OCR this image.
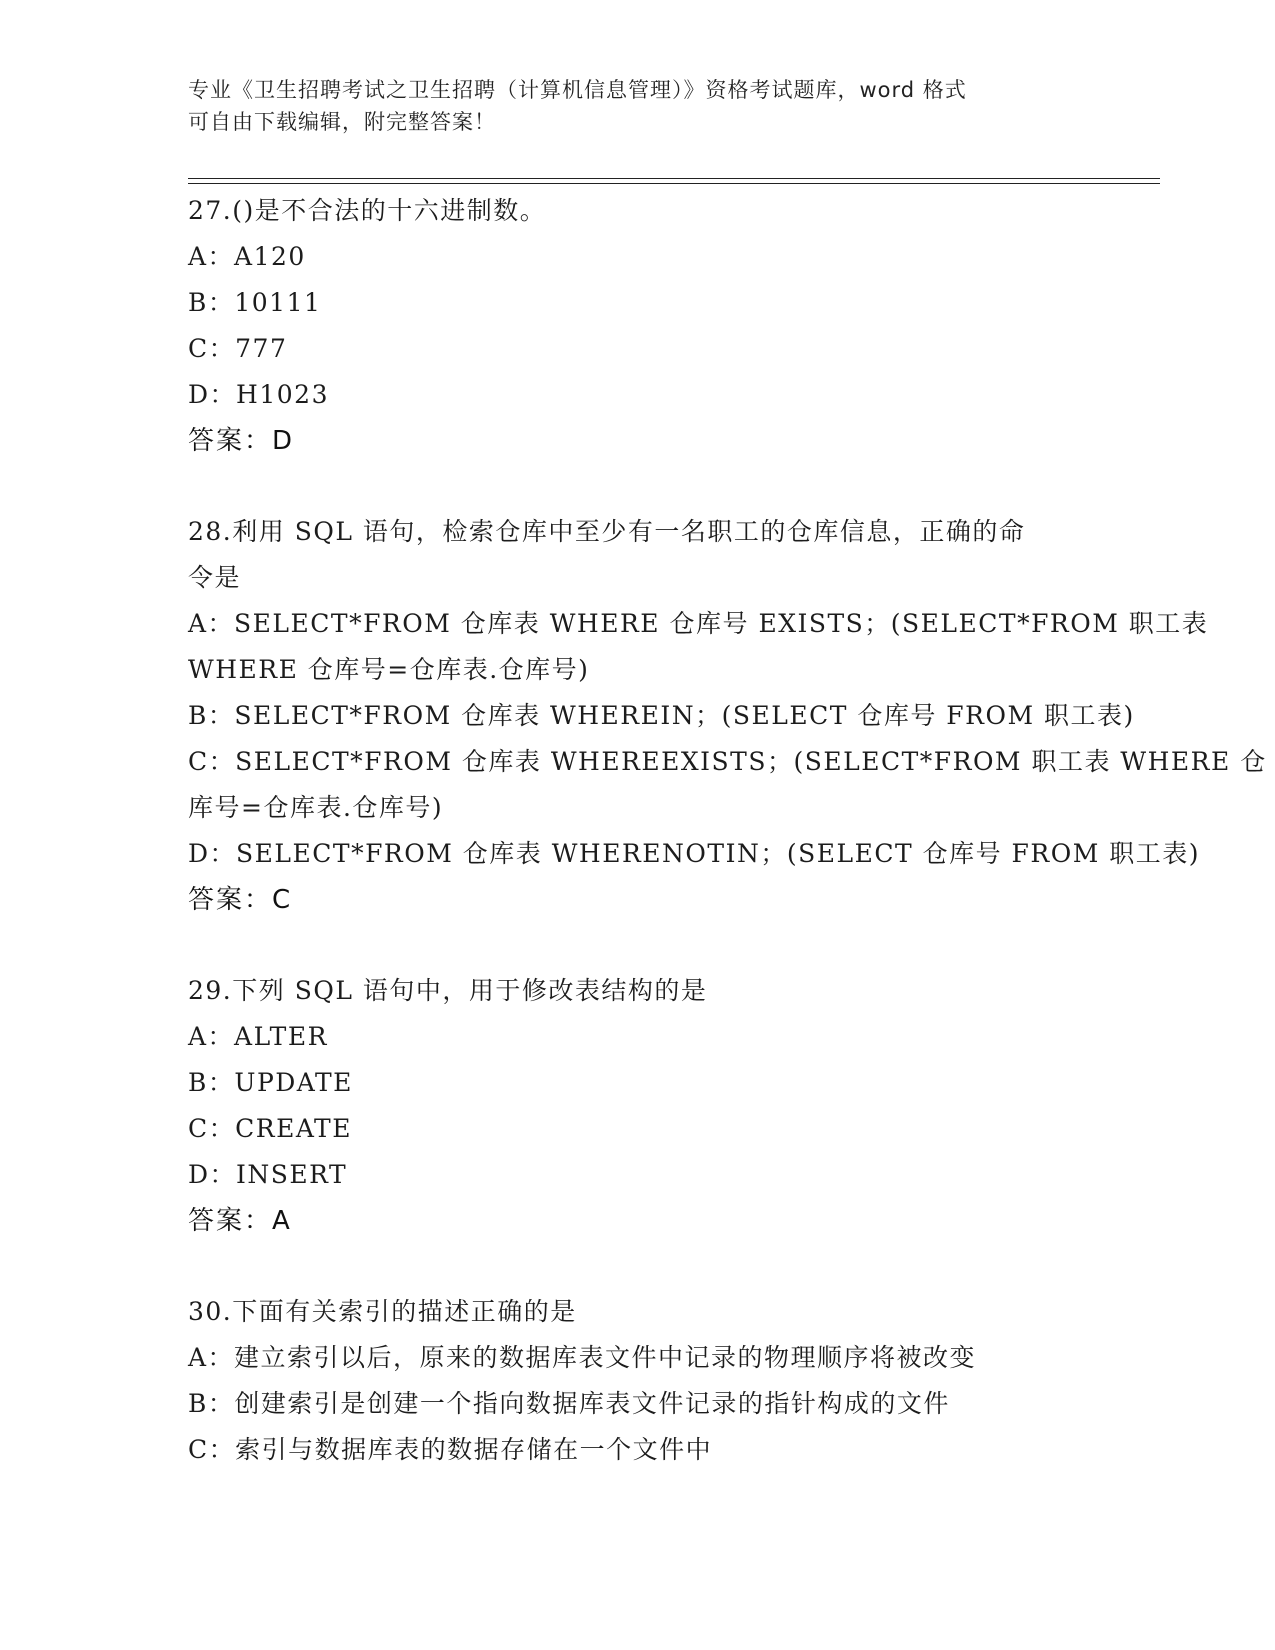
专业《卫生招聘考试之卫生招聘（计算机信息管理）》资格考试题库，word 格式
可自由下载编辑，附完整答案！
27.()是不合法的十六进制数。
A：A120
B：10111
C：777
D：H1023
答案：D
28.利用 SQL 语句，检索仓库中至少有一名职工的仓库信息，正确的命
令是
A：SELECT*FROM 仓库表 WHERE 仓库号 EXISTS；(SELECT*FROM 职工表
WHERE 仓库号=仓库表.仓库号)
B：SELECT*FROM 仓库表 WHEREIN；(SELECT 仓库号 FROM 职工表)
C：SELECT*FROM 仓库表 WHEREEXISTS；(SELECT*FROM 职工表 WHERE 仓
库号=仓库表.仓库号)
D：SELECT*FROM 仓库表 WHERENOTIN；(SELECT 仓库号 FROM 职工表)
答案：C
29.下列 SQL 语句中，用于修改表结构的是
A：ALTER
B：UPDATE
C：CREATE
D：INSERT
答案：A
30.下面有关索引的描述正确的是
A：建立索引以后，原来的数据库表文件中记录的物理顺序将被改变
B：创建索引是创建一个指向数据库表文件记录的指针构成的文件
C：索引与数据库表的数据存储在一个文件中
